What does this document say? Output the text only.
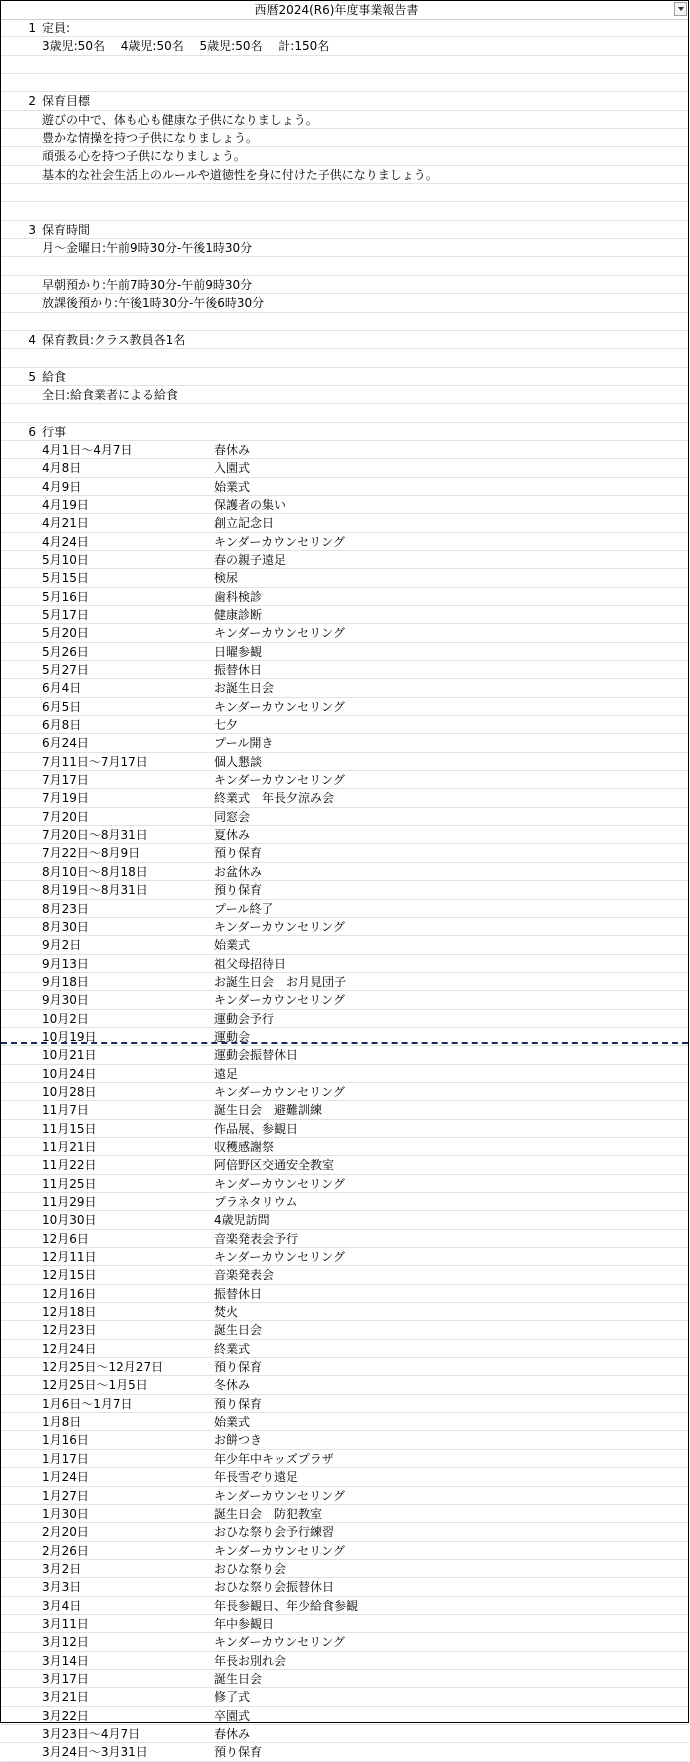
西暦2024(R6)年度事業報告書
1 定員:
3歳児:50名　 4歳児:50名　 5歳児:50名　 計:150名
2 保育目標
遊びの中で、体も心も健康な子供になりましょう。
豊かな情操を持つ子供になりましょう。
頑張る心を持つ子供になりましょう。
基本的な社会生活上のルールや道徳性を身に付けた子供になりましょう。
3 保育時間
月～金曜日:午前9時30分-午後1時30分
早朝預かり:午前7時30分-午前9時30分
放課後預かり:午後1時30分-午後6時30分
4 保育教員:クラス教員各1名
5 給食
全日:給食業者による給食
6 行事
4月1日～4月7日	春休み
4月8日	入園式
4月9日	始業式
4月19日	保護者の集い
4月21日	創立記念日
4月24日	キンダーカウンセリング
5月10日	春の親子遠足
5月15日	検尿
5月16日	歯科検診
5月17日	健康診断
5月20日	キンダーカウンセリング
5月26日	日曜参観
5月27日	振替休日
6月4日	お誕生日会
6月5日	キンダーカウンセリング
6月8日	七夕
6月24日	プール開き
7月11日～7月17日	個人懇談
7月17日	キンダーカウンセリング
7月19日	終業式　年長夕涼み会
7月20日	同窓会
7月20日～8月31日	夏休み
7月22日～8月9日	預り保育
8月10日～8月18日	お盆休み
8月19日～8月31日	預り保育
8月23日	プール終了
8月30日	キンダーカウンセリング
9月2日	始業式
9月13日	祖父母招待日
9月18日	お誕生日会　お月見団子
9月30日	キンダーカウンセリング
10月2日	運動会予行
10月19日	運動会
10月21日	運動会振替休日
10月24日	遠足
10月28日	キンダーカウンセリング
11月7日	誕生日会　避難訓練
11月15日	作品展、参観日
11月21日	収穫感謝祭
11月22日	阿倍野区交通安全教室
11月25日	キンダーカウンセリング
11月29日	プラネタリウム
10月30日	4歳児訪問
12月6日	音楽発表会予行
12月11日	キンダーカウンセリング
12月15日	音楽発表会
12月16日	振替休日
12月18日	焚火
12月23日	誕生日会
12月24日	終業式
12月25日～12月27日	預り保育
12月25日～1月5日	冬休み
1月6日～1月7日	預り保育
1月8日	始業式
1月16日	お餅つき
1月17日	年少年中キッズプラザ
1月24日	年長雪ぞり遠足
1月27日	キンダーカウンセリング
1月30日	誕生日会　防犯教室
2月20日	おひな祭り会予行練習
2月26日	キンダーカウンセリング
3月2日	おひな祭り会
3月3日	おひな祭り会振替休日
3月4日	年長参観日、年少給食参観
3月11日	年中参観日
3月12日	キンダーカウンセリング
3月14日	年長お別れ会
3月17日	誕生日会
3月21日	修了式
3月22日	卒園式
3月23日～4月7日	春休み
3月24日～3月31日	預り保育
